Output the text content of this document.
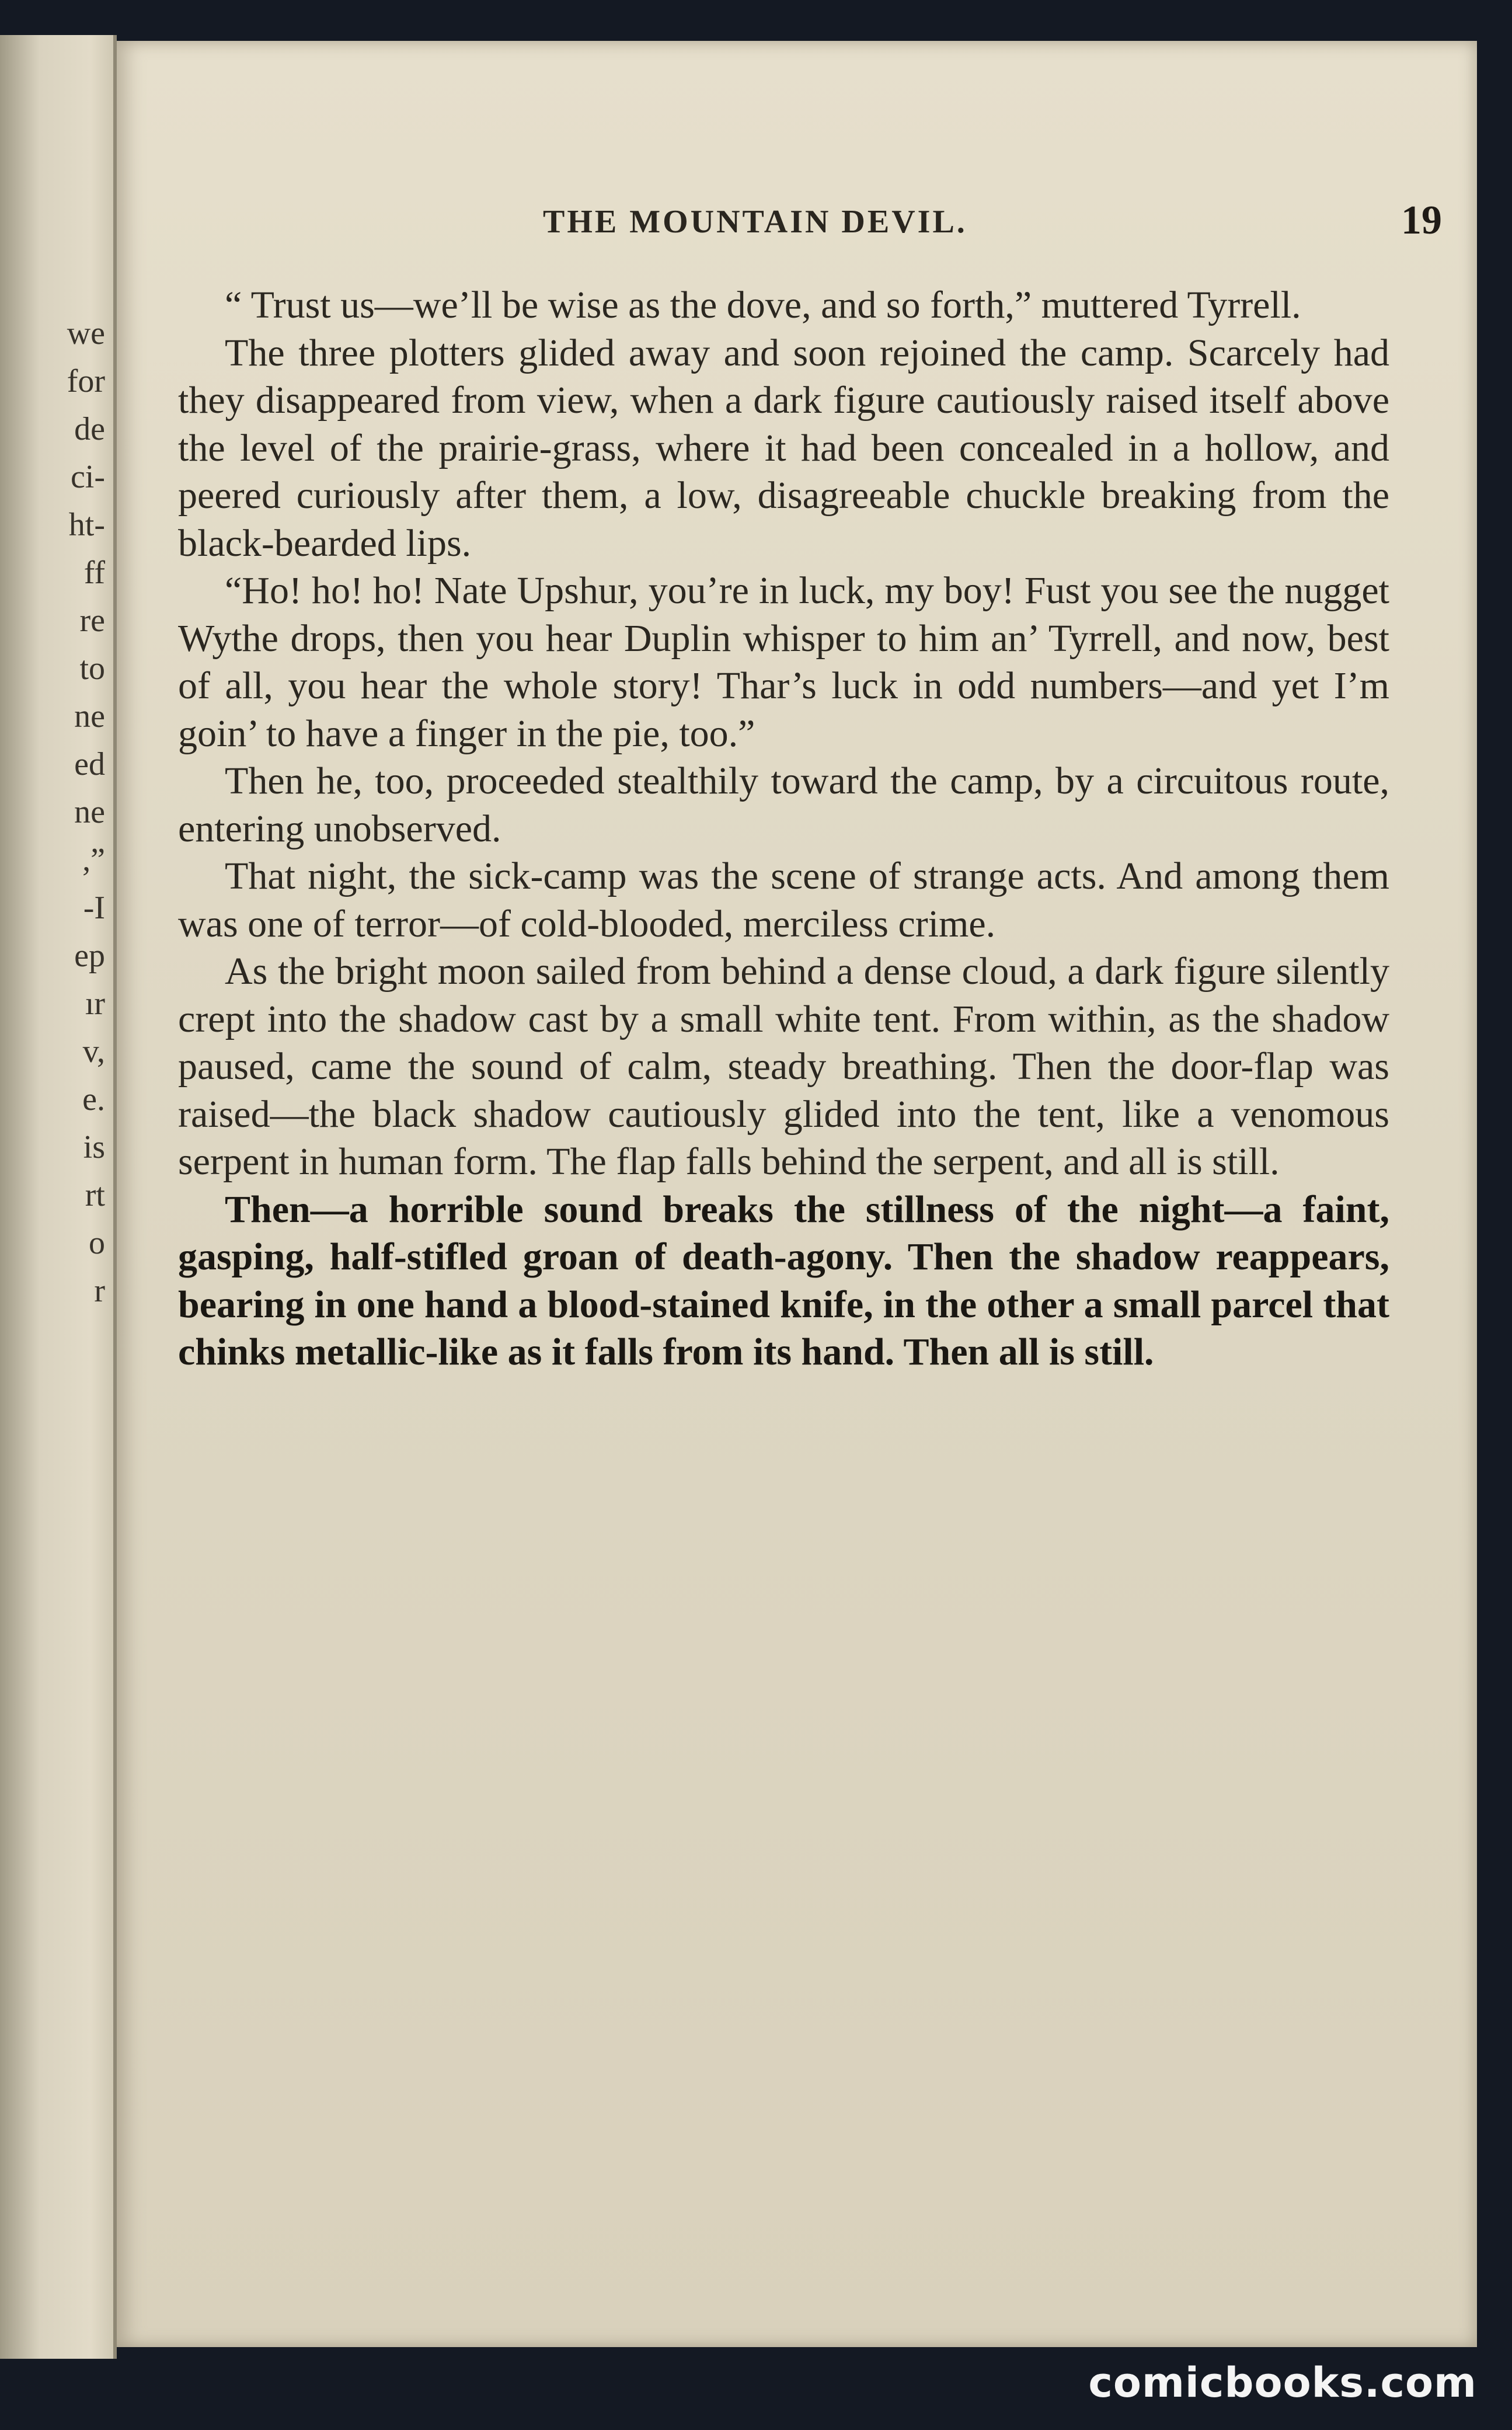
we
for
de
ci-
ht-
ff
re
to
ne
ed
ne
,”
-I
ep
ır
v,
e.
is
rt
o
r
THE MOUNTAIN DEVIL.	19

“ Trust us—we’ll be wise as the dove, and so forth,” muttered Tyrrell.

The three plotters glided away and soon rejoined the camp. Scarcely had they disappeared from view, when a dark figure cautiously raised itself above the level of the prairie-grass, where it had been concealed in a hollow, and peered curiously after them, a low, disagreeable chuckle breaking from the black-bearded lips.

“Ho! ho! ho! Nate Upshur, you’re in luck, my boy! Fust you see the nugget Wythe drops, then you hear Duplin whisper to him an’ Tyrrell, and now, best of all, you hear the whole story! Thar’s luck in odd numbers—and yet I’m goin’ to have a finger in the pie, too.”

Then he, too, proceeded stealthily toward the camp, by a circuitous route, entering unobserved.

That night, the sick-camp was the scene of strange acts. And among them was one of terror—of cold-blooded, merciless crime.

As the bright moon sailed from behind a dense cloud, a dark figure silently crept into the shadow cast by a small white tent. From within, as the shadow paused, came the sound of calm, steady breathing. Then the door-flap was raised—the black shadow cautiously glided into the tent, like a venomous serpent in human form. The flap falls behind the serpent, and all is still.

Then—a horrible sound breaks the stillness of the night—a faint, gasping, half-stifled groan of death-agony. Then the shadow reappears, bearing in one hand a blood-stained knife, in the other a small parcel that chinks metallic-like as it falls from its hand. Then all is still.

comicbooks.com
